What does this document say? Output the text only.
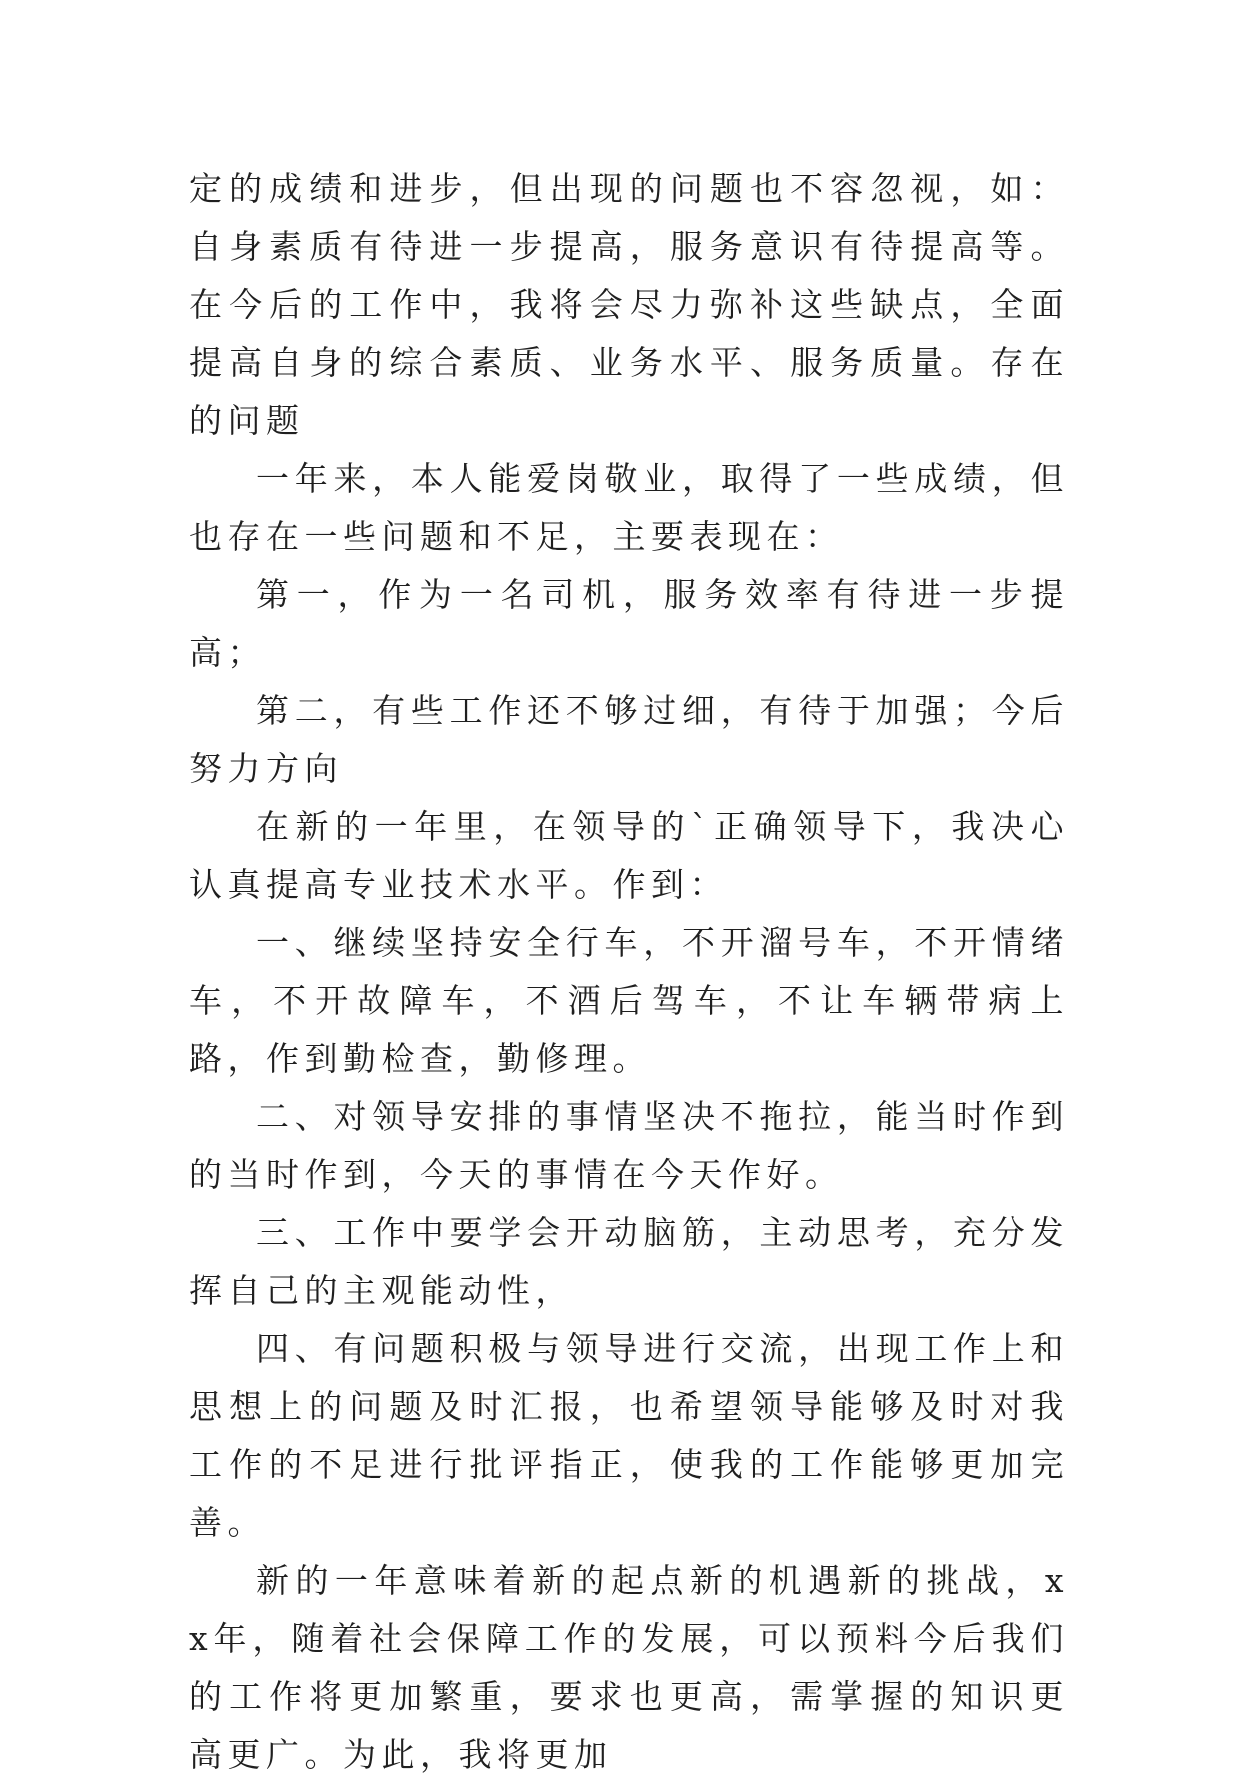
定的成绩和进步，但出现的问题也不容忽视，如：自身素质有待进一步提高，服务意识有待提高等。在今后的工作中，我将会尽力弥补这些缺点，全面提高自身的综合素质、业务水平、服务质量。存在的问题

一年来，本人能爱岗敬业，取得了一些成绩，但也存在一些问题和不足，主要表现在：

第一，作为一名司机，服务效率有待进一步提高；

第二，有些工作还不够过细，有待于加强；今后努力方向

在新的一年里，在领导的`正确领导下，我决心认真提高专业技术水平。作到：

一、继续坚持安全行车，不开溜号车，不开情绪车，不开故障车，不酒后驾车，不让车辆带病上路，作到勤检查，勤修理。

二、对领导安排的事情坚决不拖拉，能当时作到的当时作到，今天的事情在今天作好。

三、工作中要学会开动脑筋，主动思考，充分发挥自己的主观能动性，

四、有问题积极与领导进行交流，出现工作上和思想上的问题及时汇报，也希望领导能够及时对我工作的不足进行批评指正，使我的工作能够更加完善。

新的一年意味着新的起点新的机遇新的挑战，xx年，随着社会保障工作的发展，可以预料今后我们的工作将更加繁重，要求也更高，需掌握的知识更高更广。为此，我将更加
